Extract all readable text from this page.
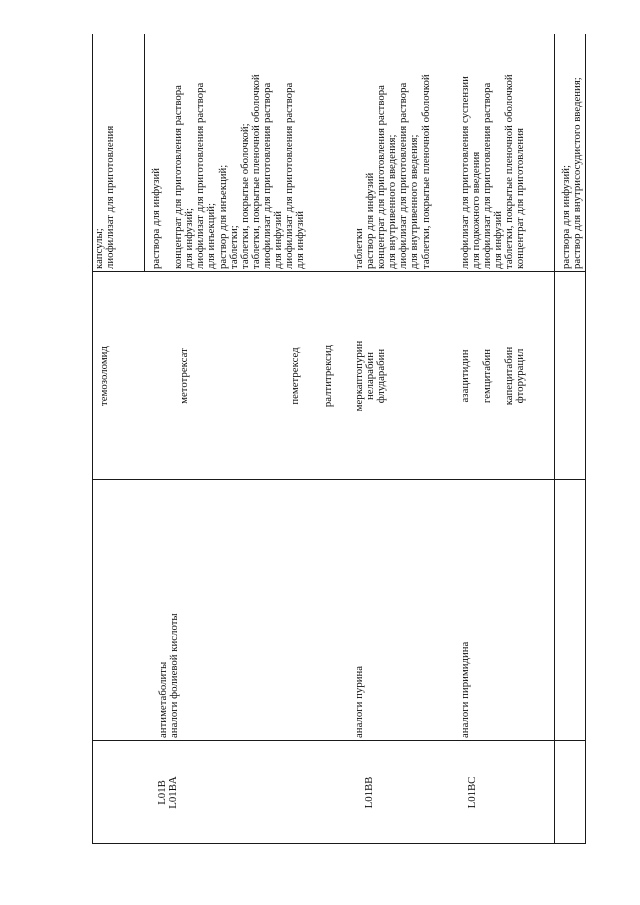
темозоломид
капсулы;
лиофилизат для приготовления
L01B
L01BA
антиметаболиты
аналоги фолиевой кислоты

метотрексат

пеметрексед

ралтитрексид
раствора для инфузий

концентрат для приготовления раствора
для инфузий;
лиофилизат для приготовления раствора
для инъекций;
раствор для инъекций;
таблетки;
таблетки, покрытые оболочкой;
таблетки, покрытые пленочной оболочкой
лиофилизат для приготовления раствора
для инфузий
лиофилизат для приготовления раствора
для инфузий
L01BB
аналоги пурина
меркаптопурин
неларабин
флударабин
таблетки
раствор для инфузий
концентрат для приготовления раствора
для внутривенного введения;
лиофилизат для приготовления раствора
для внутривенного введения;
таблетки, покрытые пленочной оболочкой
L01BC
аналоги пиримидина
азацитидин

гемцитабин

капецитабин
фторурацил
лиофилизат для приготовления суспензии
для подкожного введения
лиофилизат для приготовления раствора
для инфузий
таблетки, покрытые пленочной оболочкой
концентрат для приготовления
раствора для инфузий;
раствор для внутрисосудистого введения;
